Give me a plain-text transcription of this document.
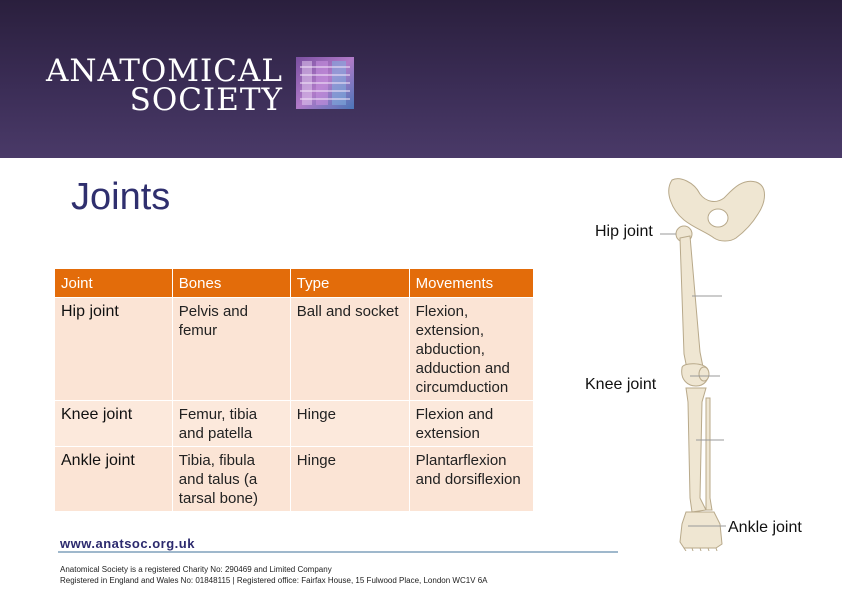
ANATOMICAL
SOCIETY
Joints
Joint	Bones	Type	Movements
Hip joint	Pelvis and femur	Ball and socket	Flexion, extension, abduction, adduction and circumduction
Knee joint	Femur, tibia and patella	Hinge	Flexion and extension
Ankle joint	Tibia, fibula and talus (a tarsal bone)	Hinge	Plantarflexion and dorsiflexion
Hip joint
Knee joint
Ankle joint
www.anatsoc.org.uk
Anatomical Society is a registered Charity No: 290469 and Limited Company
Registered in England and Wales No: 01848115 | Registered office: Fairfax House, 15 Fulwood Place, London WC1V 6A
